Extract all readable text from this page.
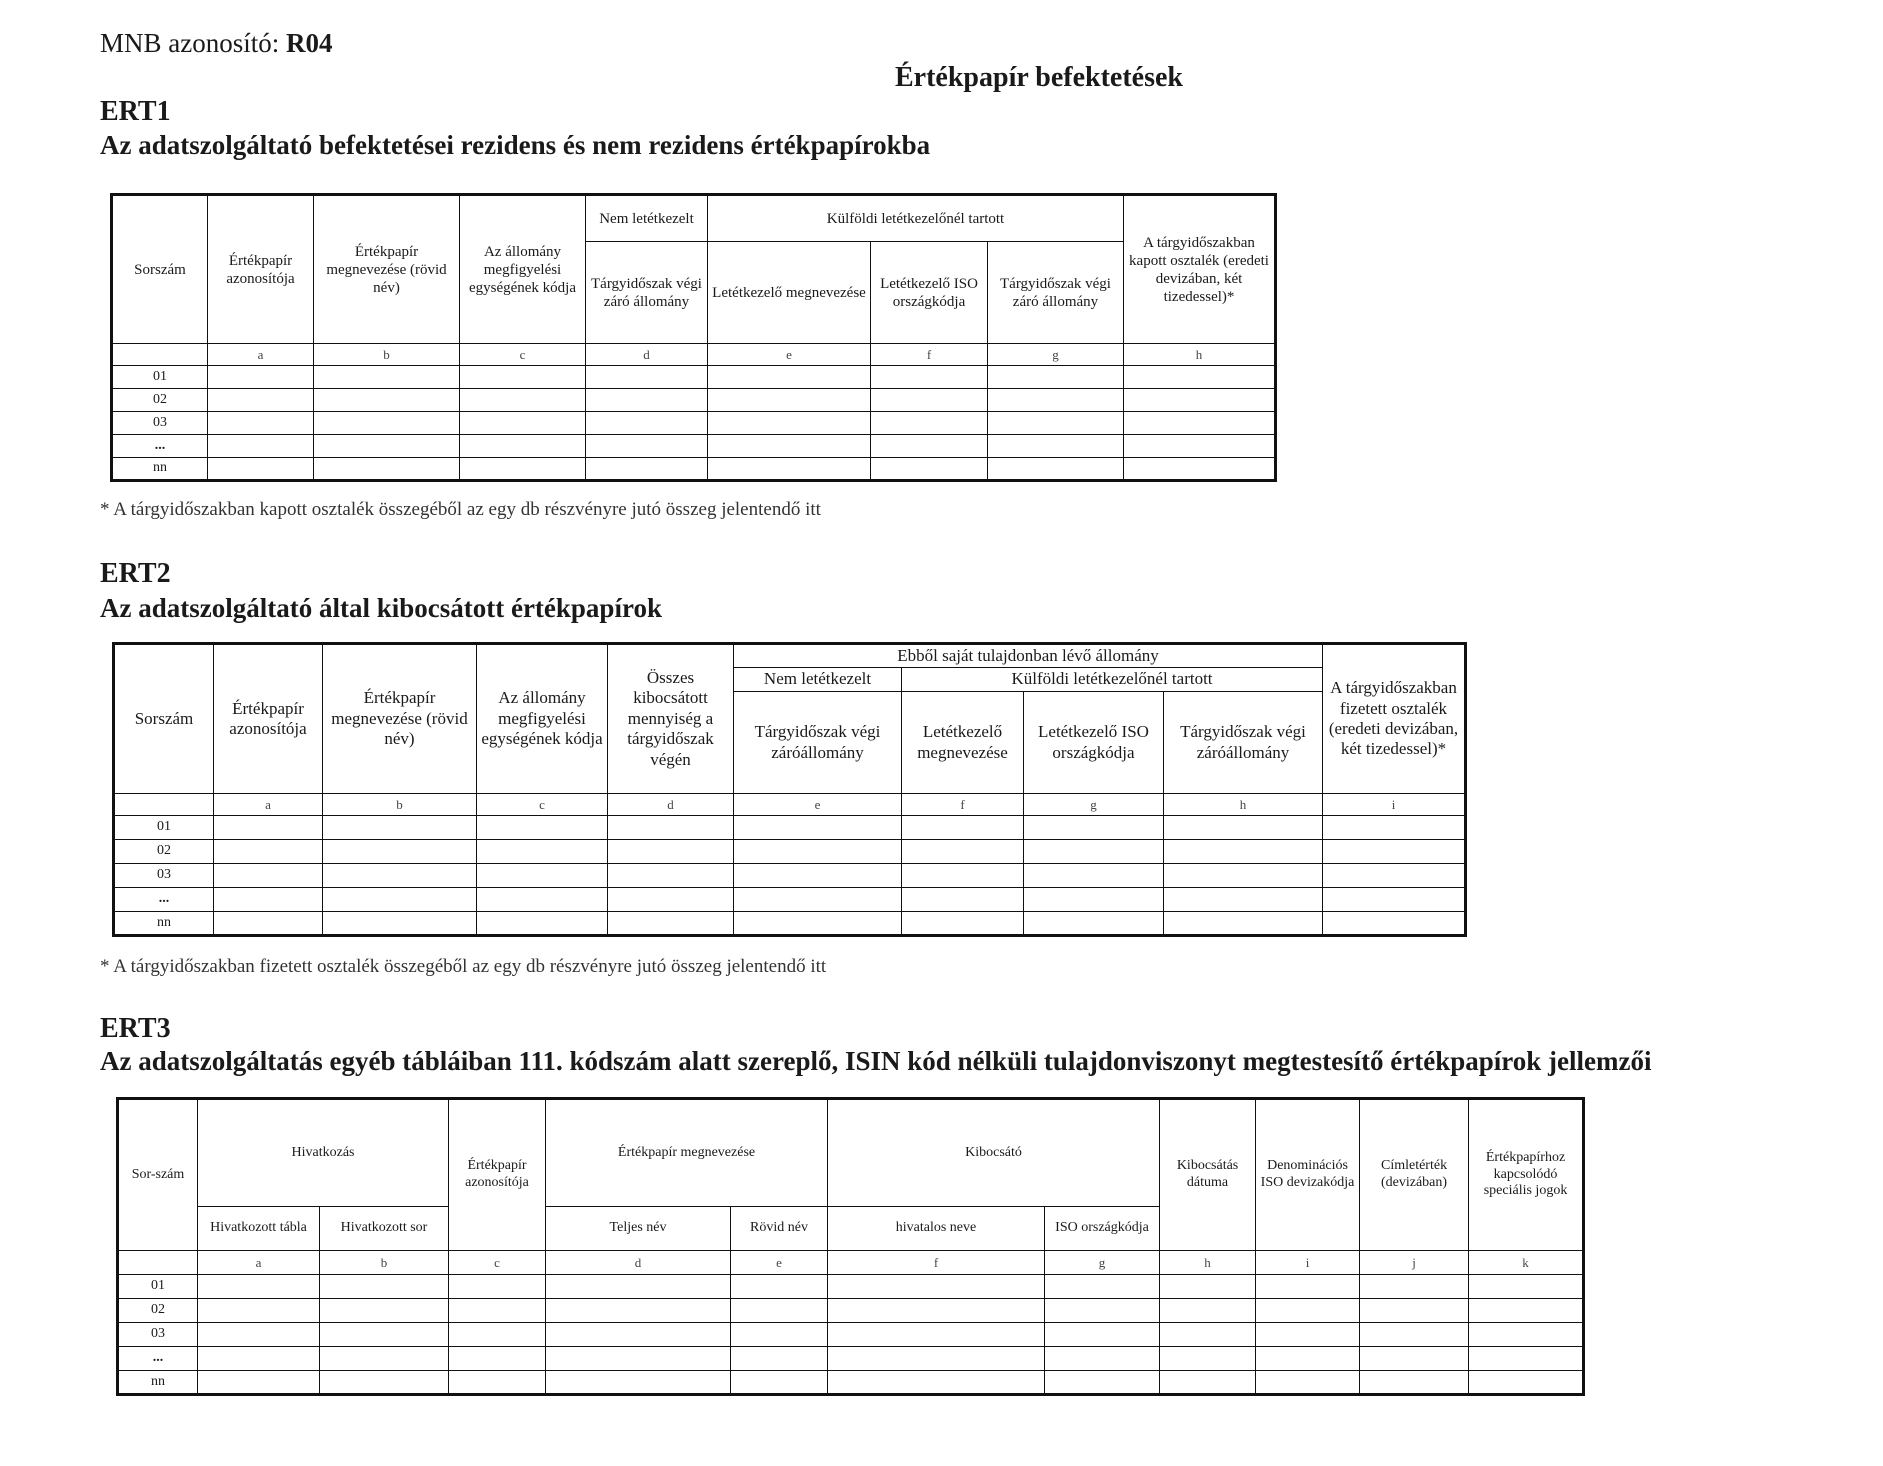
MNB azonosító: R04
Értékpapír befektetések
ERT1
Az adatszolgáltató befektetései rezidens és nem rezidens értékpapírokba
Sorszám	Értékpapír azonosítója	Értékpapír megnevezése (rövid név)	Az állomány megfigyelési egységének kódja	Nem letétkezelt	Külföldi letétkezelőnél tartott			A tárgyidőszakban kapott osztalék (eredeti devizában, két tizedessel)*
				Tárgyidőszak végi záró állomány	Letétkezelő megnevezése	Letétkezelő ISO országkódja	Tárgyidőszak végi záró állomány	
	a	b	c	d	e	f	g	h
01								
02								
03								
...								
nn								
* A tárgyidőszakban kapott osztalék összegéből az egy db részvényre jutó összeg jelentendő itt
ERT2
Az adatszolgáltató által kibocsátott értékpapírok
Sorszám	Értékpapír azonosítója	Értékpapír megnevezése (rövid név)	Az állomány megfigyelési egységének kódja	Összes kibocsátott mennyiség a tárgyidőszak végén	Ebből saját tulajdonban lévő állomány				A tárgyidőszakban fizetett osztalék (eredeti devizában, két tizedessel)*
					Nem letétkezelt	Külföldi letétkezelőnél tartott			
					Tárgyidőszak végi záróállomány	Letétkezelő megnevezése	Letétkezelő ISO országkódja	Tárgyidőszak végi záróállomány	
	a	b	c	d	e	f	g	h	i
01									
02									
03									
...									
nn									
* A tárgyidőszakban fizetett osztalék összegéből az egy db részvényre jutó összeg jelentendő itt
ERT3
Az adatszolgáltatás egyéb tábláiban 111. kódszám alatt szereplő, ISIN kód nélküli tulajdonviszonyt megtestesítő értékpapírok jellemzői
Sor-szám	Hivatkozás		Értékpapír azonosítója	Értékpapír megnevezése		Kibocsátó		Kibocsátás dátuma	Denominációs ISO devizakódja	Címletérték (devizában)	Értékpapírhoz kapcsolódó speciális jogok
	Hivatkozott tábla	Hivatkozott sor		Teljes név	Rövid név	hivatalos neve	ISO országkódja				
	a	b	c	d	e	f	g	h	i	j	k
01											
02											
03											
...											
nn											
